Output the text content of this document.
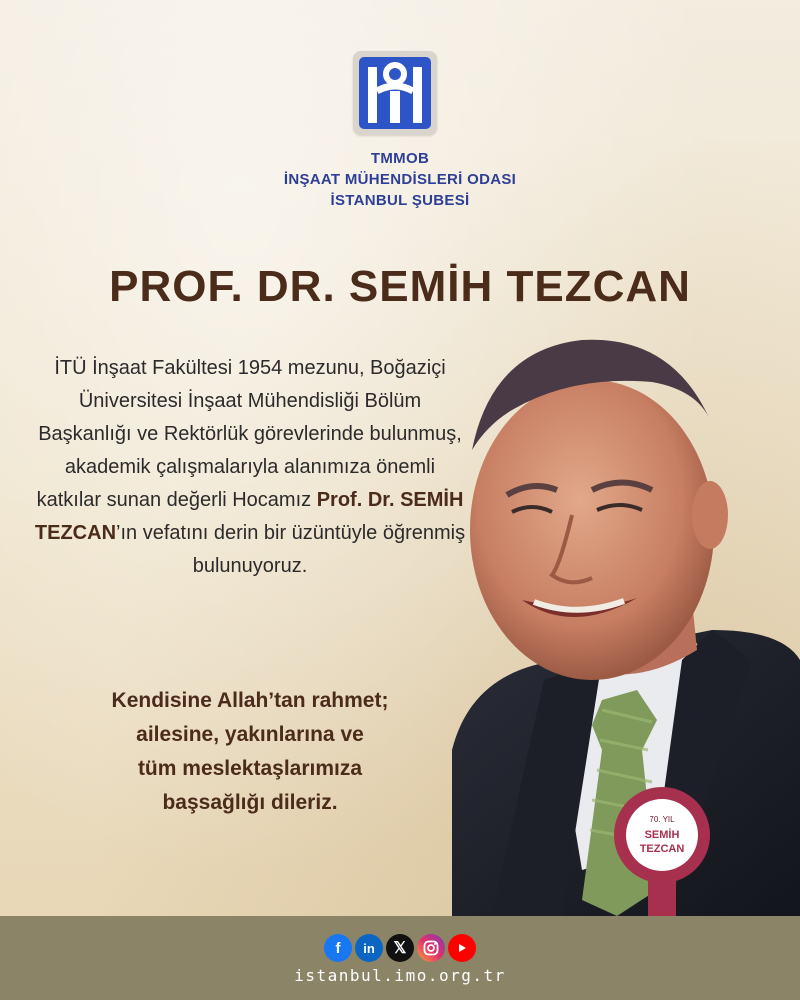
TMMOB
İNŞAAT MÜHENDİSLERİ ODASI
İSTANBUL ŞUBESİ
PROF. DR. SEMİH TEZCAN
İTÜ İnşaat Fakültesi 1954 mezunu, Boğaziçi Üniversitesi İnşaat Mühendisliği Bölüm Başkanlığı ve Rektörlük görevlerinde bulunmuş, akademik çalışmalarıyla alanımıza önemli katkılar sunan değerli Hocamız Prof. Dr. SEMİH TEZCAN’ın vefatını derin bir üzüntüyle öğrenmiş bulunuyoruz.
Kendisine Allah’tan rahmet;
ailesine, yakınlarına ve
tüm meslektaşlarımıza
başsağlığı dileriz.
70. YIL
SEMİH
TEZCAN
f	in	𝕏
istanbul.imo.org.tr
